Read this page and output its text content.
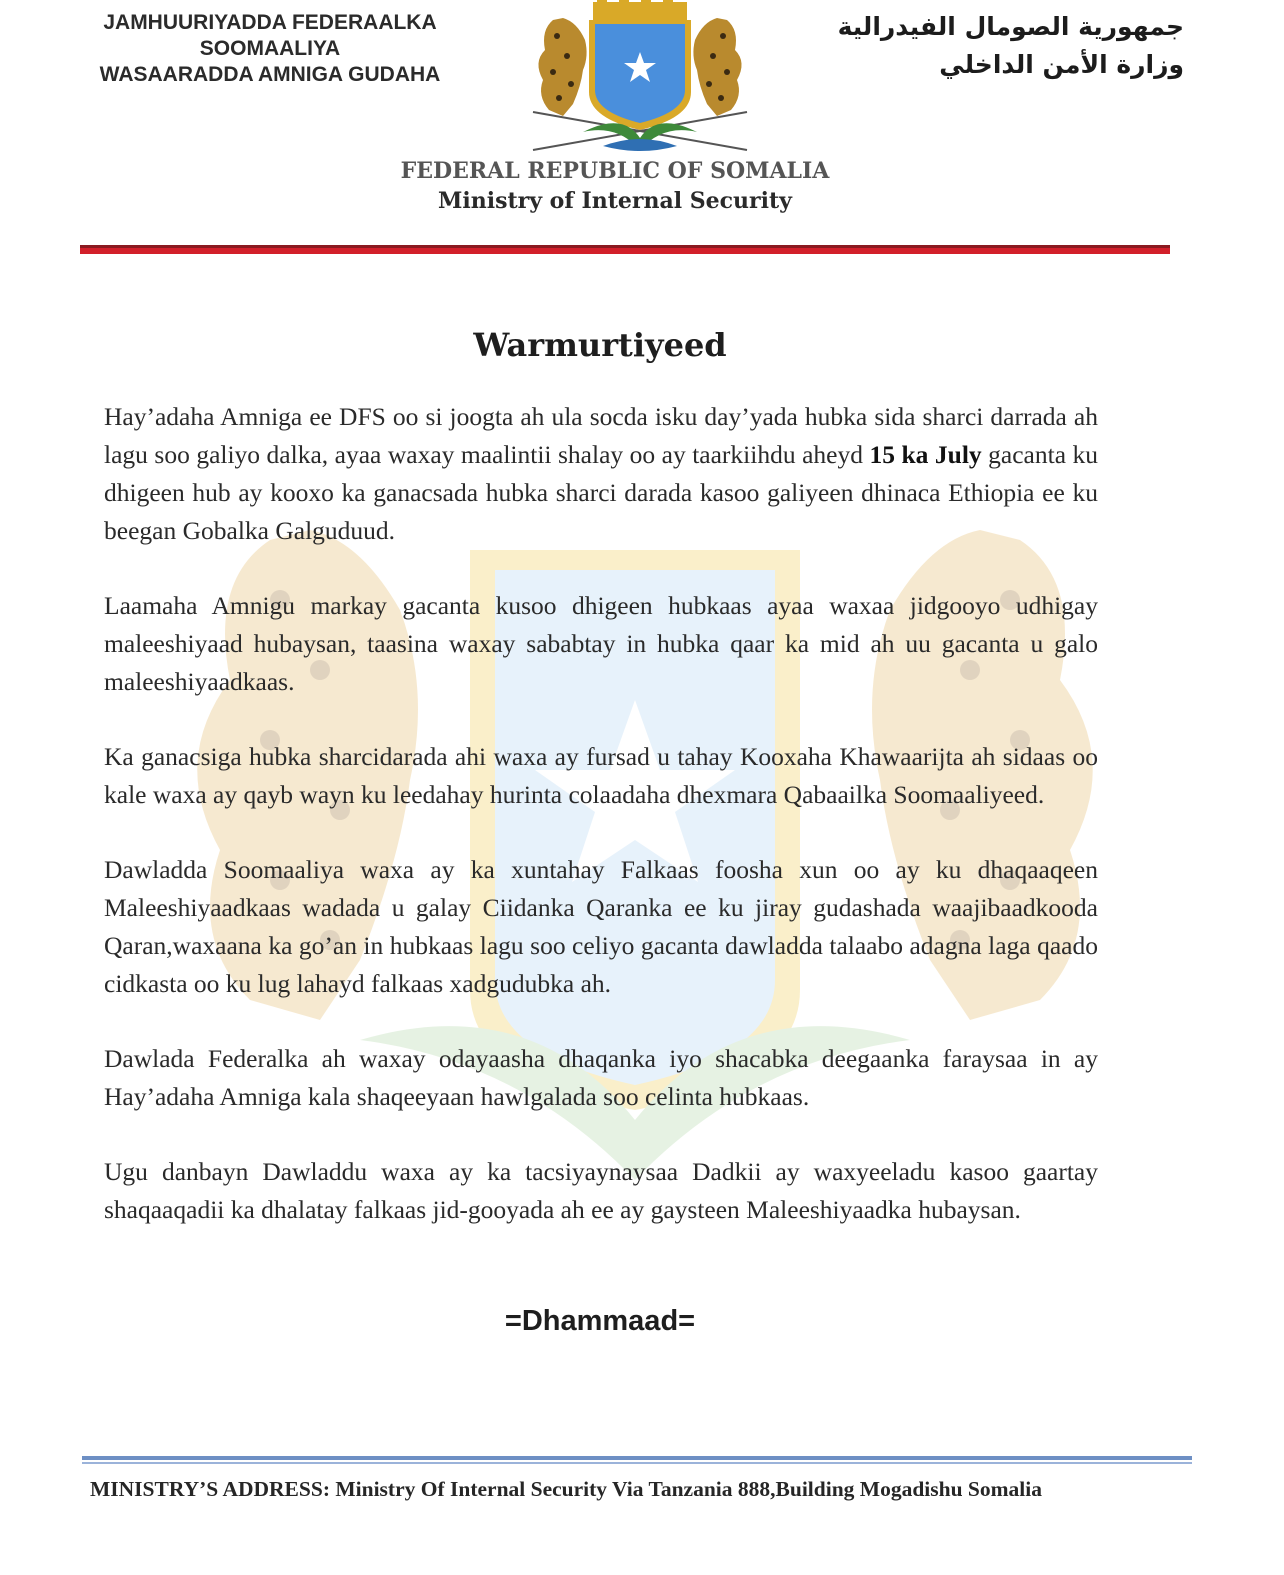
JAMHUURIYADDA FEDERAALKA
SOOMAALIYA
WASAARADDA AMNIGA GUDAHA
جمهورية الصومال الفيدرالية
وزارة الأمن الداخلي
FEDERAL REPUBLIC OF SOMALIA
Ministry of Internal Security
Warmurtiyeed

Hay’adaha Amniga ee DFS oo si joogta ah ula socda isku day’yada hubka sida sharci darrada ah lagu soo galiyo dalka, ayaa waxay maalintii shalay oo ay taarkiihdu aheyd 15 ka July gacanta ku dhigeen hub ay kooxo ka ganacsada hubka sharci darada kasoo galiyeen dhinaca Ethiopia ee ku beegan Gobalka Galguduud.

Laamaha Amnigu markay gacanta kusoo dhigeen hubkaas ayaa waxaa jidgooyo udhigay maleeshiyaad hubaysan, taasina waxay sababtay in hubka qaar ka mid ah uu gacanta u galo maleeshiyaadkaas.

Ka ganacsiga hubka sharcidarada ahi waxa ay fursad u tahay Kooxaha Khawaarijta ah sidaas oo kale waxa ay qayb wayn ku leedahay hurinta colaadaha dhexmara Qabaailka Soomaaliyeed.

Dawladda Soomaaliya waxa ay ka xuntahay Falkaas foosha xun oo ay ku dhaqaaqeen Maleeshiyaadkaas wadada u galay Ciidanka Qaranka ee ku jiray gudashada waajibaadkooda Qaran,waxaana ka go’an in hubkaas lagu soo celiyo gacanta dawladda talaabo adagna laga qaado cidkasta oo ku lug lahayd falkaas xadgudubka ah.

Dawlada Federalka ah waxay odayaasha dhaqanka iyo shacabka deegaanka faraysaa in ay Hay’adaha Amniga kala shaqeeyaan hawlgalada soo celinta hubkaas.

Ugu danbayn Dawladdu waxa ay ka tacsiyaynaysaa Dadkii ay waxyeeladu kasoo gaartay shaqaaqadii ka dhalatay falkaas jid-gooyada ah ee ay gaysteen Maleeshiyaadka hubaysan.

=Dhammaad=
MINISTRY’S ADDRESS: Ministry Of Internal Security Via Tanzania 888,Building Mogadishu Somalia
